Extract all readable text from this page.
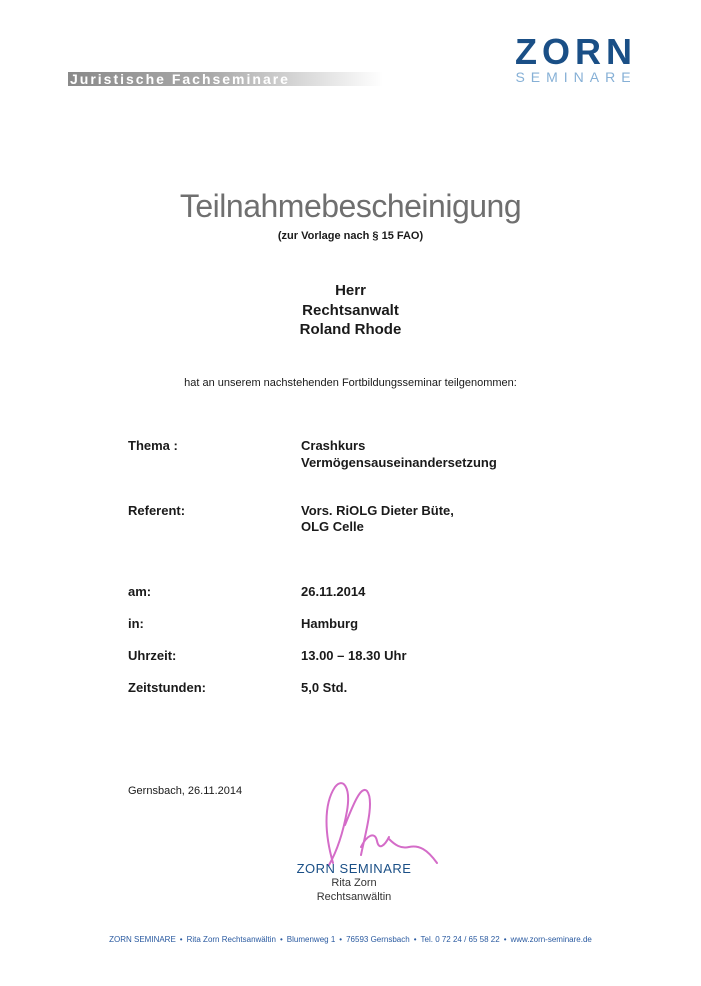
Juristische Fachseminare
ZORN
SEMINARE
Teilnahmebescheinigung
(zur Vorlage nach § 15 FAO)
Herr
Rechtsanwalt
Roland Rhode
hat an unserem nachstehenden Fortbildungsseminar teilgenommen:
Thema :	Crashkurs
Vermögensauseinandersetzung
Referent:	Vors. RiOLG Dieter Büte,
OLG Celle
am:	26.11.2014
in:	Hamburg
Uhrzeit:	13.00 – 18.30 Uhr
Zeitstunden:	5,0 Std.
Gernsbach, 26.11.2014
ZORN SEMINARE
Rita Zorn
Rechtsanwältin
ZORN SEMINARE • Rita Zorn Rechtsanwältin • Blumenweg 1 • 76593 Gernsbach • Tel. 0 72 24 / 65 58 22 • www.zorn-seminare.de
